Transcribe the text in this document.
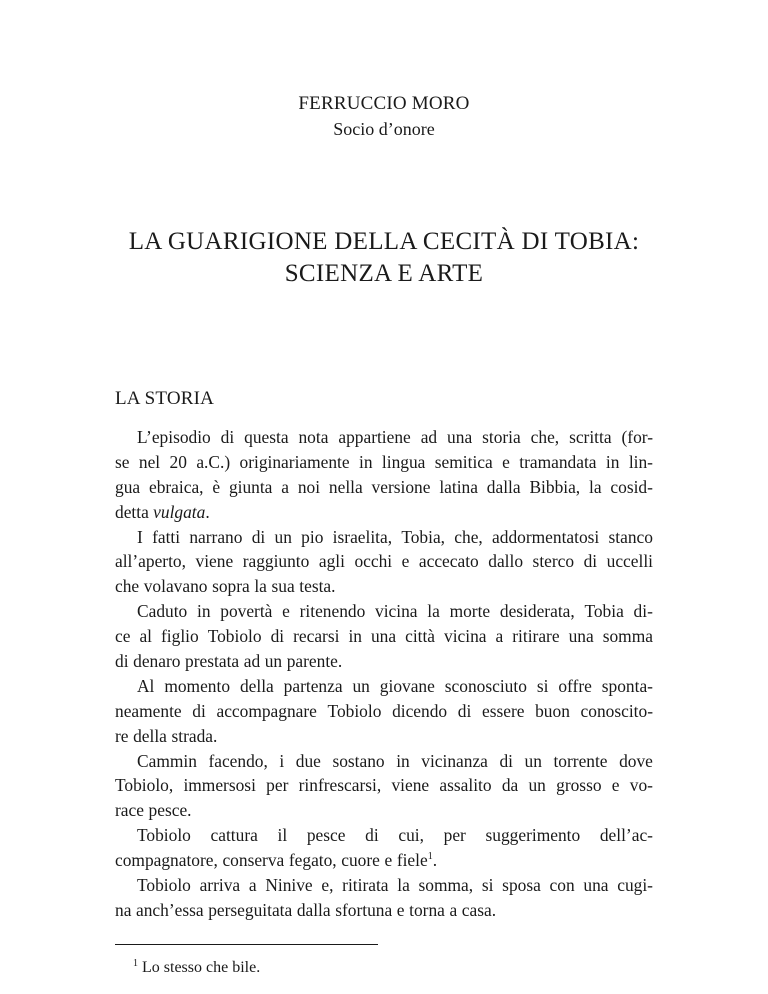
FERRUCCIO MORO
Socio d’onore
LA GUARIGIONE DELLA CECITÀ DI TOBIA:
SCIENZA E ARTE
LA STORIA
L’episodio di questa nota appartiene ad una storia che, scritta (for-
se nel 20 a.C.) originariamente in lingua semitica e tramandata in lin-
gua ebraica, è giunta a noi nella versione latina dalla Bibbia, la cosid-
detta vulgata.
I fatti narrano di un pio israelita, Tobia, che, addormentatosi stanco
all’aperto, viene raggiunto agli occhi e accecato dallo sterco di uccelli
che volavano sopra la sua testa.
Caduto in povertà e ritenendo vicina la morte desiderata, Tobia di-
ce al figlio Tobiolo di recarsi in una città vicina a ritirare una somma
di denaro prestata ad un parente.
Al momento della partenza un giovane sconosciuto si offre sponta-
neamente di accompagnare Tobiolo dicendo di essere buon conoscito-
re della strada.
Cammin facendo, i due sostano in vicinanza di un torrente dove
Tobiolo, immersosi per rinfrescarsi, viene assalito da un grosso e vo-
race pesce.
Tobiolo cattura il pesce di cui, per suggerimento dell’ac-
compagnatore, conserva fegato, cuore e fiele$^1$.
Tobiolo arriva a Ninive e, ritirata la somma, si sposa con una cugi-
na anch’essa perseguitata dalla sfortuna e torna a casa.
$^1$ Lo stesso che bile.
